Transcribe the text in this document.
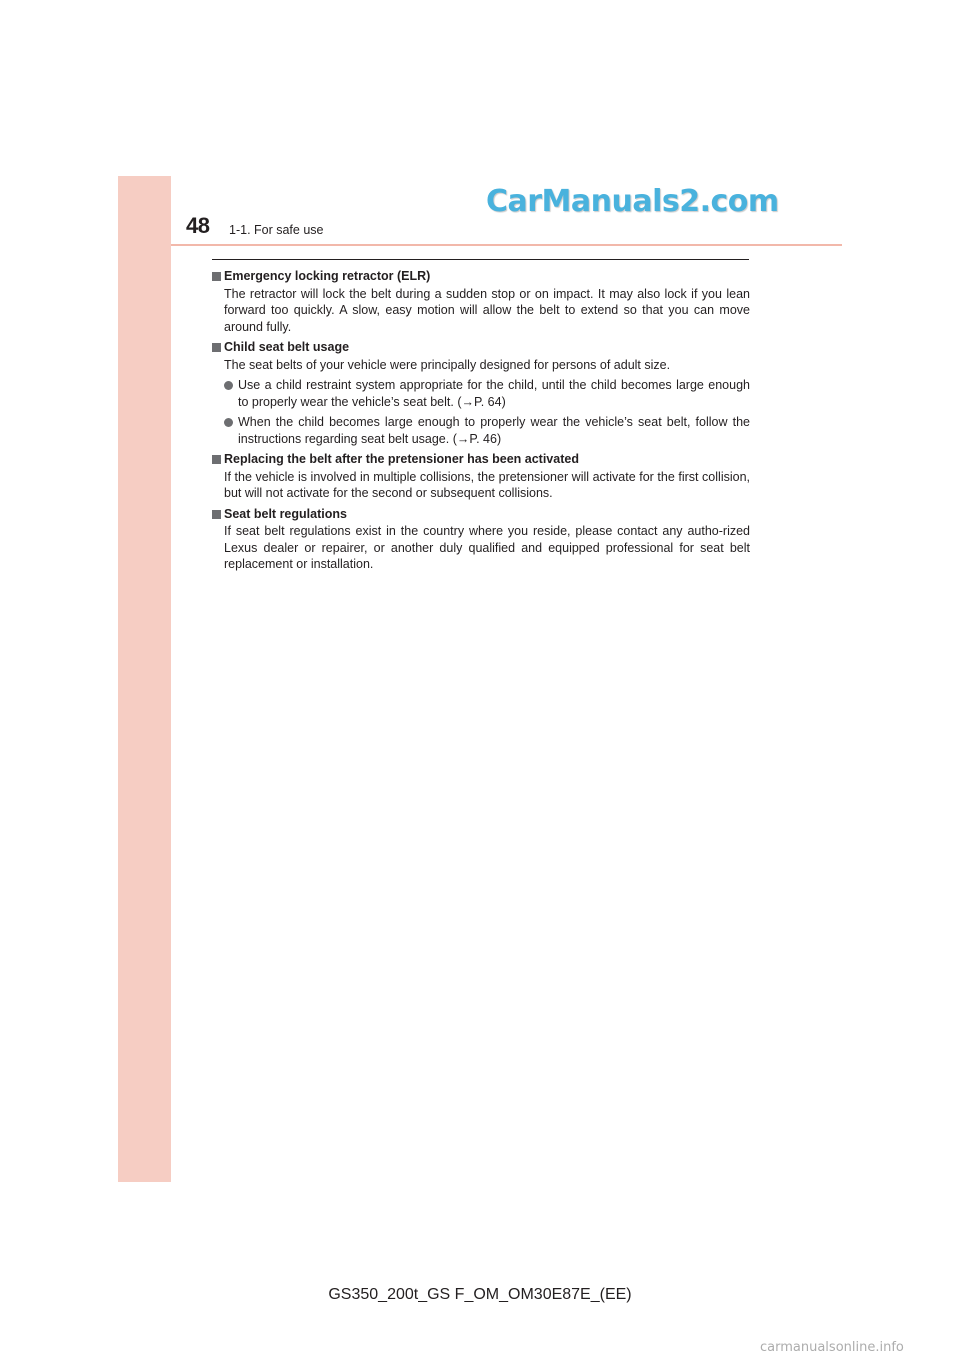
48 1-1. For safe use
CarManuals2.com
Emergency locking retractor (ELR)
The retractor will lock the belt during a sudden stop or on impact. It may also lock if you lean forward too quickly. A slow, easy motion will allow the belt to extend so that you can move around fully.
Child seat belt usage
The seat belts of your vehicle were principally designed for persons of adult size.
Use a child restraint system appropriate for the child, until the child becomes large enough to properly wear the vehicle’s seat belt. (→P. 64)
When the child becomes large enough to properly wear the vehicle’s seat belt, follow the instructions regarding seat belt usage. (→P. 46)
Replacing the belt after the pretensioner has been activated
If the vehicle is involved in multiple collisions, the pretensioner will activate for the first collision, but will not activate for the second or subsequent collisions.
Seat belt regulations
If seat belt regulations exist in the country where you reside, please contact any autho-rized Lexus dealer or repairer, or another duly qualified and equipped professional for seat belt replacement or installation.
GS350_200t_GS F_OM_OM30E87E_(EE)
carmanualsonline.info
